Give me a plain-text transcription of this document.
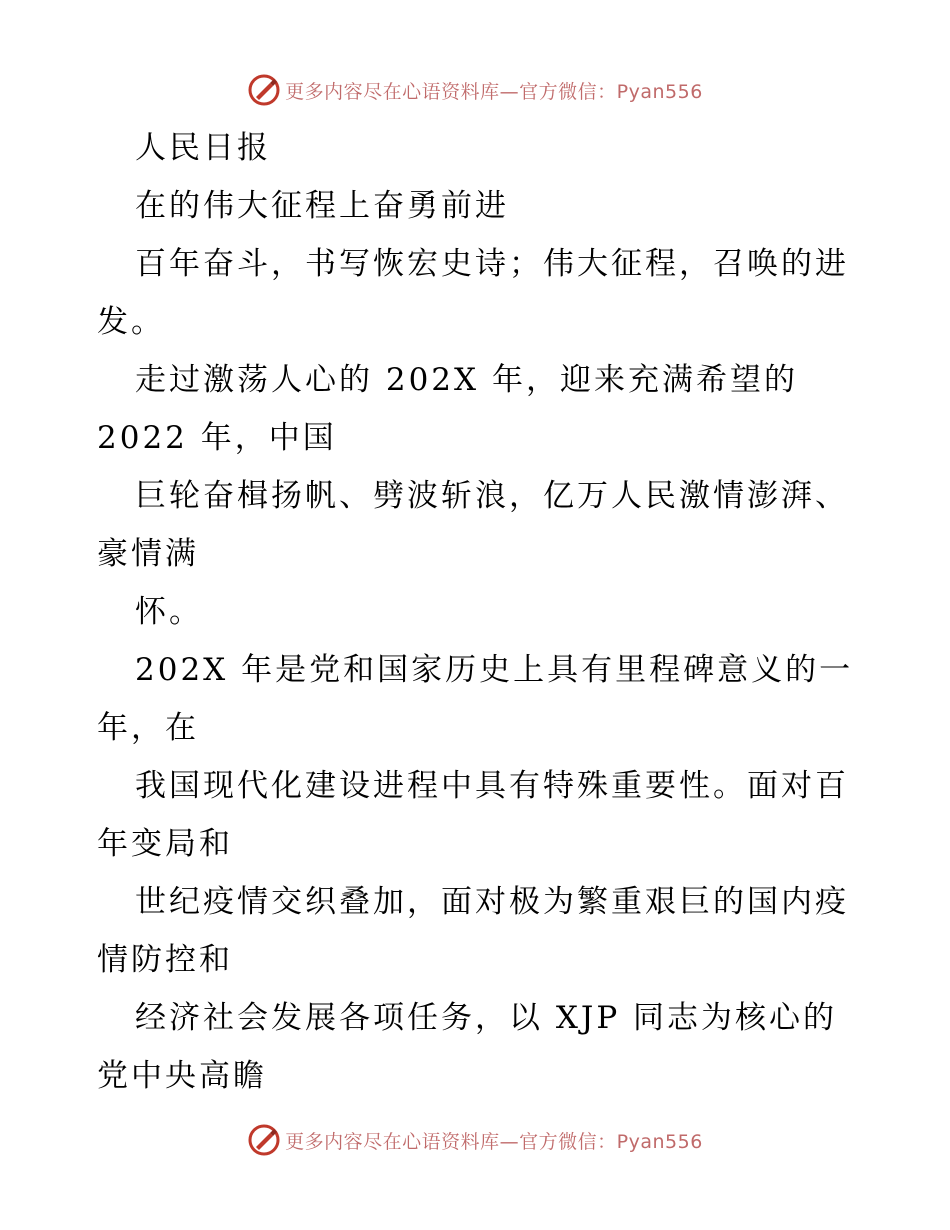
更多内容尽在心语资料库—官方微信：Pyan556
人民日报
在的伟大征程上奋勇前进
百年奋斗，书写恢宏史诗；伟大征程，召唤的进
发。
走过激荡人心的 202X 年，迎来充满希望的
2022 年，中国
巨轮奋楫扬帆、劈波斩浪，亿万人民激情澎湃、
豪情满
怀。
202X 年是党和国家历史上具有里程碑意义的一
年，在
我国现代化建设进程中具有特殊重要性。面对百
年变局和
世纪疫情交织叠加，面对极为繁重艰巨的国内疫
情防控和
经济社会发展各项任务，以 XJP 同志为核心的
党中央高瞻
更多内容尽在心语资料库—官方微信：Pyan556
